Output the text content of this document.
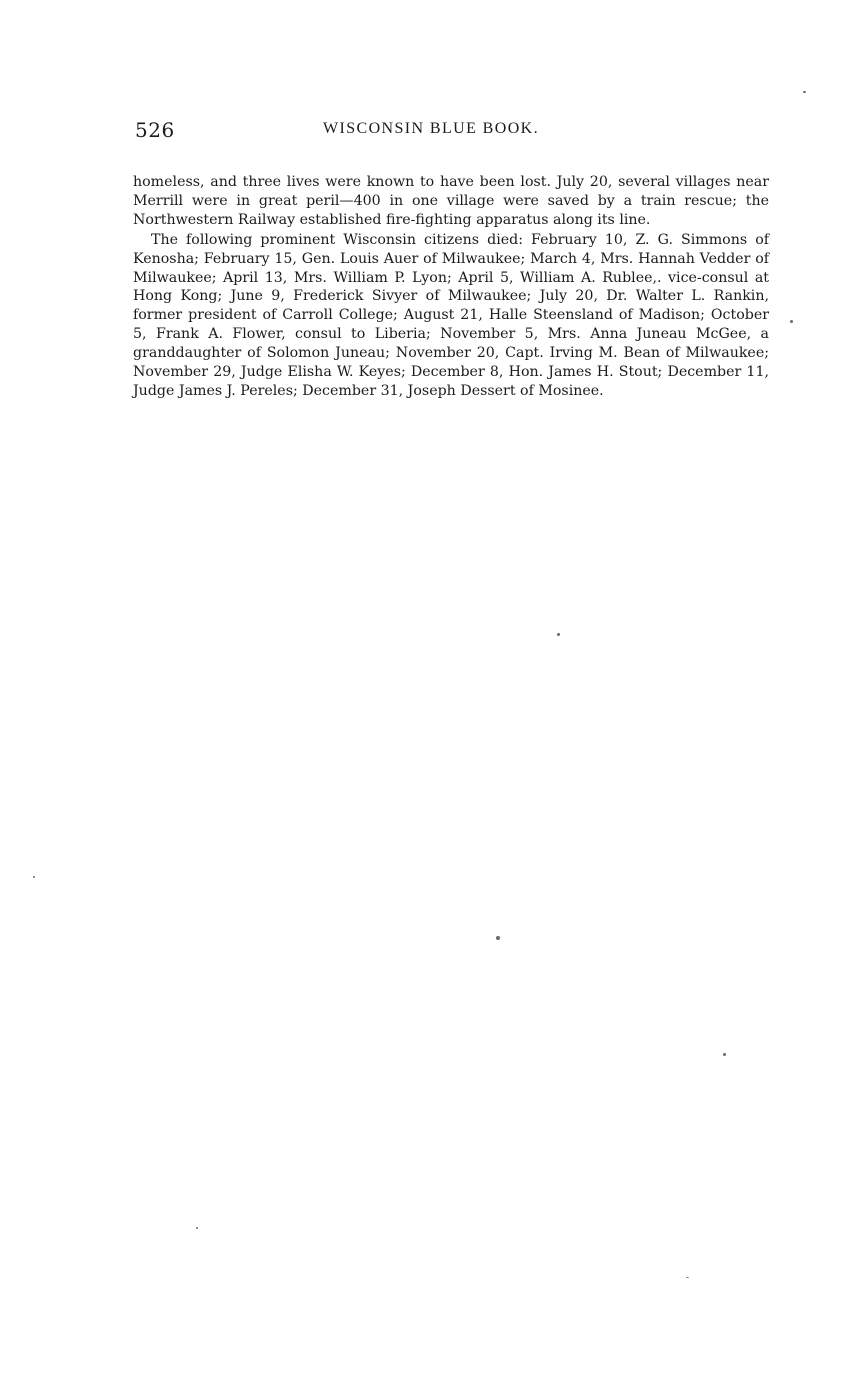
526	WISCONSIN BLUE BOOK.

homeless, and three lives were known to have been lost. July 20, several villages near Merrill were in great peril—400 in one village were saved by a train rescue; the Northwestern Railway established fire-fighting apparatus along its line.

The following prominent Wisconsin citizens died: February 10, Z. G. Simmons of Kenosha; February 15, Gen. Louis Auer of Milwaukee; March 4, Mrs. Hannah Vedder of Milwaukee; April 13, Mrs. William P. Lyon; April 5, William A. Rublee,. vice-consul at Hong Kong; June 9, Frederick Sivyer of Milwaukee; July 20, Dr. Walter L. Rankin, former president of Carroll College; August 21, Halle Steensland of Madison; October 5, Frank A. Flower, consul to Liberia; November 5, Mrs. Anna Juneau McGee, a granddaughter of Solomon Juneau; November 20, Capt. Irving M. Bean of Milwaukee; November 29, Judge Elisha W. Keyes; December 8, Hon. James H. Stout; December 11, Judge James J. Pereles; December 31, Joseph Dessert of Mosinee.
